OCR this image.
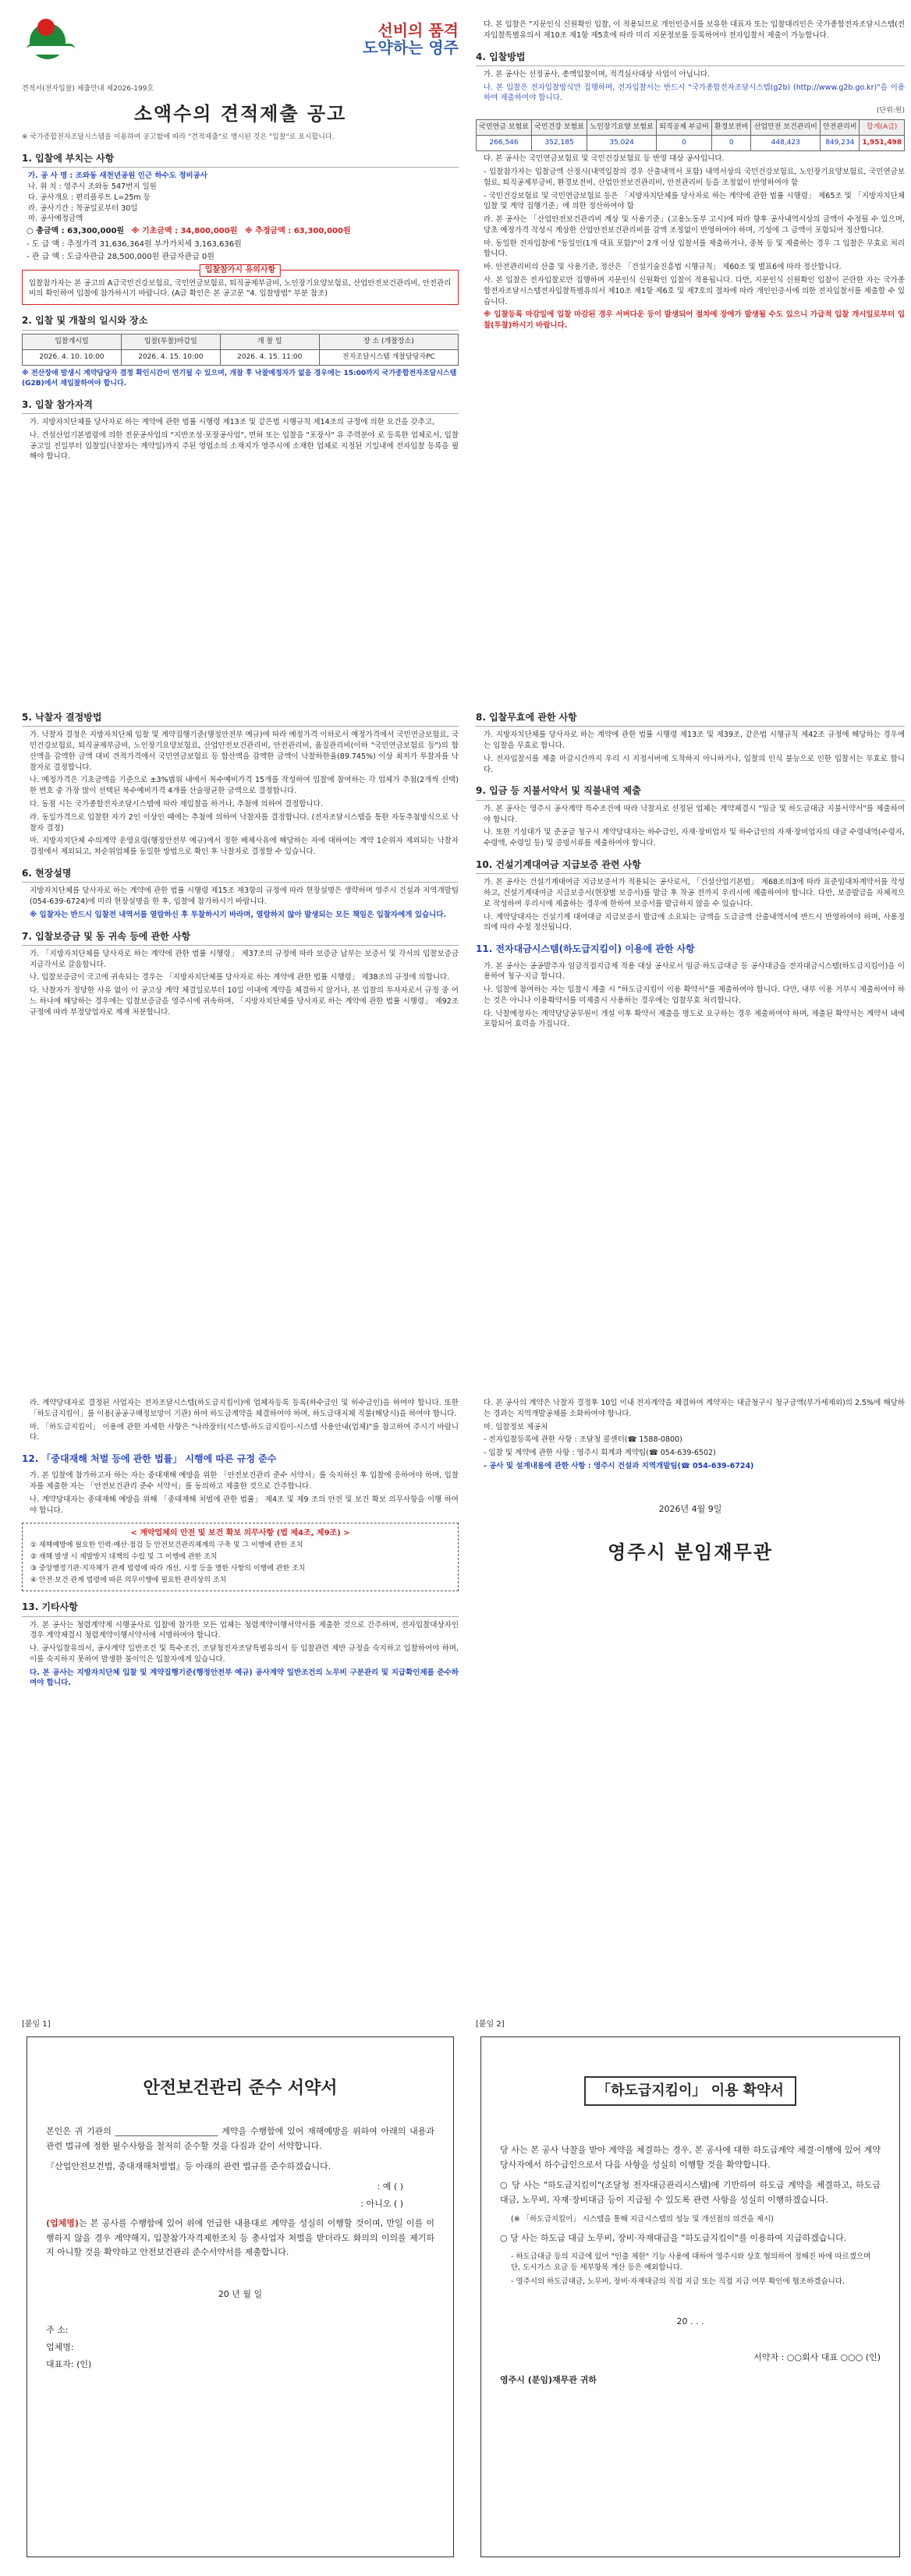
선비의 품격
도약하는 영주
견적서(전자입찰) 제출안내 제2026-199호
소액수의 견적제출 공고
※ 국가종합전자조달시스템을 이용하여 공고함에 따라 "견적제출"로 명시된 것은 "입찰"로 표시합니다.
1. 입찰에 부치는 사항
가. 공 사 명 : 조와동 새천년공원 인근 하수도 정비공사
나. 위 치 : 영주시 조와동 547번지 일원
다. 공사개요 : 편리플루트 L=25m 등
라. 공사기간 : 착공일로부터 30일
마. 공사예정금액
○ 총금액 : 63,300,000원 ※ 기초금액 : 34,800,000원 ※ 추정금액 : 63,300,000원
- 도 급 액 : 추정가격 31,636,364원 부가가치세 3,163,636원
- 관 급 액 : 도급자관급 28,500,000원 관급자관급 0원
입찰참가시 유의사항
입찰참가자는 본 공고의 A급국민건강보험료, 국민연금보험료, 퇴직공제부금비, 노인장기요양보험료, 산업안전보건관리비, 안전관리비의 확인하여 입찰에 참가하시기 바랍니다. (A급 확인은 본 공고문 "4. 입찰방법" 부분 참조)
2. 입찰 및 개찰의 일시와 장소
입찰개시일	입찰(투찰)마감일	개 찰 일	장 소 (개찰장소)
2026. 4. 10. 10:00	2026. 4. 15. 10:00	2026. 4. 15. 11:00	전자조달시스템 개찰담당자PC
※ 전산장애 발생시 계약담당자 결정 확인시간이 연기될 수 있으며, 개찰 후 낙찰예정자가 없을 경우에는 15:00까지 국가종합전자조달시스템(G2B)에서 재입찰하여야 합니다.
3. 입찰 참가자격
가. 지방자치단체를 당사자로 하는 계약에 관한 법률 시행령 제13조 및 같은법 시행규칙 제14조의 규정에 의한 요건을 갖추고,
나. 건설산업기본법령에 의한 전문공사업의 "지반조성·포장공사업", 면허 또는 입찰을 "포장사" 유 주력분야 로 등록한 업체로서, 입찰공고일 전일부터 입찰일(낙찰자는 계약일)까지 주된 영업소의 소재지가 영주시에 소재한 업체로 지정된 기일내에 전자입찰 등록을 필해야 합니다.
다. 본 입찰은 "지문인식 신원확인 입찰, 이 적용되므로 개인인증서를 보유한 대표자 또는 입찰대리인은 국가종합전자조달시스템(전자입찰특별유의서 제10조 제1항 제5호에 따라 미리 지문정보를 등록하여야 전자입찰서 제출이 가능합니다.
4. 입찰방법
가. 본 공사는 선정공사, 총액입찰이며, 적격심사대상 사업이 아닙니다.
나. 본 입찰은 전자입찰방식만 집행하며, 전자입찰서는 반드시 "국가종합전자조달시스템(g2b) (http://www.g2b.go.kr)"을 이용하여 제출하여야 합니다.
(단위:원)
국민연금 보험료	국민건강 보험료	노인장기요양 보험료	퇴직공제 부금비	환경보전비	산업안전 보건관리비	안전관리비	합계(A급)
266,546	352,185	35,024	0	0	448,423	849,234	1,951,498
다. 본 공사는 국민연금보험료 및 국민건강보험료 등 반영 대상 공사입니다.
- 입찰참가자는 입찰금액 산정시(내역입찰의 경우 산출내역서 포함) 내역서상의 국민건강보험료, 노인장기요양보험료, 국민연금보험료, 퇴직공제부금비, 환경보전비, 산업안전보건관리비, 안전관리비 등을 조정없이 반영하여야 함
- 국민건강보험료 및 국민연금보험료 등은 「지방자치단체를 당사자로 하는 계약에 관한 법률 시행령」 제65조 및 「지방자치단체 입찰 및 계약 집행기준」에 의한 정산하여야 함
라. 본 공사는 「산업안전보건관리비 계상 및 사용기준」(고용노동부 고시)에 따라 향후 공사내역서상의 금액이 수정될 수 있으며, 당초 예정가격 작성시 계상한 산업안전보건관리비를 감액 조정없이 반영하여야 하며, 기성에 그 금액이 포함되어 정산합니다.
마. 동일한 전자입찰에 "동일인(1개 대표 포함)"이 2개 이상 입찰서를 제출하거나, 중복 등 및 제출하는 경우 그 입찰은 무효로 처리합니다.
바. 안전관리비의 산출 및 사용기준, 정산은 「건설기술진흥법 시행규칙」 제60조 및 별표6에 따라 정산합니다.
사. 본 입찰은 전자입찰로만 집행하며 지문인식 신원확인 입찰이 적용됩니다. 다만, 지문인식 신원확인 입찰이 곤란한 자는 국가종합전자조달시스템전자입찰특별유의서 제10조 제1항 제6호 및 제7호의 절차에 따라 개인인증서에 의한 전자입찰서를 제출할 수 있습니다.
※ 입찰등록 마감일에 입찰 마감된 경우 서버다운 등이 발생되어 절차에 장애가 발생될 수도 있으니 가급적 입찰 개시일로부터 입찰(투찰)하시기 바랍니다.
5. 낙찰자 결정방법
가. 낙찰자 결정은 지방자치단체 입찰 및 계약집행기준(행정안전부 예규)에 따라 예정가격 이하로서 예정가격에서 국민연금보험료, 국민건강보험료, 퇴직공제부금비, 노인장기요양보험료, 산업안전보건관리비, 안전관리비, 품질관리비(이하 "국민연금보험료 등")의 합산액을 감액한 금액 대비 견적가격에서 국민연금보험료 등 합산액을 감액한 금액이 낙찰하한율(89.745%) 이상 최저가 투찰자를 낙찰자로 결정합니다.
나. 예정가격은 기초금액을 기준으로 ±3%범위 내에서 복수예비가격 15개를 작성하여 입찰에 참여하는 각 업체가 추첨(2개씩 선택)한 번호 중 가장 많이 선택된 복수예비가격 4개를 산술평균한 금액으로 결정합니다.
다. 동점 시는 국가종합전자조달시스템에 따라 제입찰을 하거나, 추첨에 의하여 결정합니다.
라. 동일가격으로 입찰한 자가 2인 이상인 때에는 추첨에 의하여 낙찰자를 결정합니다. (전자조달시스템을 통한 자동추첨방식으로 낙찰자 결정)
마. 지방자치단체 수의계약 운영요령(행정안전부 예규)에서 정한 배제사유에 해당하는 자에 대하여는 계약 1순위자 제외되는 낙찰자 결정에서 제외되고, 차순위업체를 동일한 방법으로 확인 후 낙찰자로 결정할 수 있습니다.
6. 현장설명
지방자치단체를 당사자로 하는 계약에 관한 법률 시행령 제15조 제3항의 규정에 따라 현장설명은 생략하며 영주시 건설과 지역개발팀(054-639-6724)에 미리 현장설명을 한 후, 입찰에 참가하시기 바랍니다.
※ 입찰자는 반드시 입찰전 내역서를 열람하신 후 투찰하시기 바라며, 열람하지 않아 발생되는 모든 책임은 입찰자에게 있습니다.
7. 입찰보증금 및 동 귀속 등에 관한 사항
가. 「지방자치단체를 당사자로 하는 계약에 관한 법률 시행령」 제37조의 규정에 따라 보증금 납부는 보증서 및 각서의 입찰보증금 지급각서로 갈음합니다.
나. 입찰보증금이 국고에 귀속되는 경우는 「지방자치단체를 당사자로 하는 계약에 관한 법률 시행령」 제38조의 규정에 의합니다.
다. 낙찰자가 정당한 사유 없이 이 공고상 계약 체결일로부터 10일 이내에 계약을 체결하지 않거나, 본 입찰의 투자자로서 규정 중 어느 하나에 해당하는 경우에는 입찰보증금을 영주시에 귀속하며, 「지방자치단체를 당사자로 하는 계약에 관한 법률 시행령」 제92조 규정에 따라 부정당업자로 제재 처분합니다.
8. 입찰무효에 관한 사항
가. 지방자치단체를 당사자로 하는 계약에 관한 법률 시행령 제13조 및 제39조, 같은법 시행규칙 제42조 규정에 해당하는 경우에는 입찰을 무효로 합니다.
나. 전자입찰서를 제출 마감시간까지 우리 시 지정서버에 도착하지 아니하거나, 입찰의 인식 불능으로 인한 입찰서는 무효로 합니다.
9. 입금 등 지불서약서 및 직불내역 제출
가. 본 공사는 영주시 공사계약 특수조건에 따라 낙찰자로 선정된 업체는 계약체결시 "임금 및 하도급대금 지불서약서"를 제출하여야 합니다.
나. 또한 기성대가 및 준공금 청구시 계약당대자는 하수급인, 자재·장비업자 및 하수급인의 자재·장비업자의 대금 수령내역(수령자, 수령액, 수령일 등) 및 증빙서류를 제출하여야 합니다.
10. 건설기계대여금 지급보증 관련 사항
가. 본 공사는 건설기계대여금 지급보증서가 적용되는 공사로서, 「건설산업기본법」 제68조의3에 따라 표준임대차계약서를 작성하고, 건설기계대여금 지급보증서(현장별 보증서)를 발급 후 착공 전까지 우리시에 제출하여야 합니다. 다만, 보증발급을 자체적으로 작성하여 우리시에 제출하는 경우에 한하여 보증서를 발급하지 않을 수 있습니다.
나. 계약당대자는 건설기계 대여대금 지급보증서 발급에 소요되는 금액을 도급금액 산출내역서에 반드시 반영하여야 하며, 사용정의에 따라 수정 정산됩니다.
11. 전자대금시스템(하도급지킴이) 이용에 관한 사항
가. 본 공사는 공공발주자 임금직접지급제 적용 대상 공사로서 임금·하도급대금 등 공사대금을 전자대금시스템(하도급지킴이)을 이용하여 청구·지급 합니다.
나. 입찰에 참여하는 자는 입찰시 제출 시 "하도급지킴이 이용 확약서"를 제출하여야 합니다. 다만, 내부 이용 거부시 제출하여야 하는 것은 아니나 이용확약서를 미제출시 사용하는 경우에는 입찰무효 처리합니다.
다. 낙찰예정자는 계약당당공무원이 개설 이후 확약서 제출을 명도로 요구하는 경우 제출하여야 하며, 제출된 확약서는 계약서 내에 포함되어 효력을 가집니다.
라. 계약당대자로 결정된 사업자는 전자조달시스템(하도급지킴이)에 업체자등록 등록(하수급인 및 하수급인)을 하여야 합니다. 또한 「하도급지킴이」를 이용(공공구매정보망이 기관) 하여 하도급계약을 체결하여야 하며, 하도급대지체 직불(해당시)을 하여야 합니다.
마. 「하도급지킴이」 이용에 관한 자세한 사항은 "나라장터(시스템-하도급지킴이-시스템 사용안내(업체)"를 참고하여 주시기 바랍니다.
12. 「중대재해 처벌 등에 관한 법률」 시행에 따른 규정 준수
가. 본 입찰에 참가하고자 하는 자는 중대재해 예방을 위한 「안전보건관리 준수 서약서」를 숙지하신 후 입찰에 응하여야 하며, 입찰자를 제출한 자는 「안전보건관리 준수 서약서」를 동의하고 제출한 것으로 간주합니다.
나. 계약당대자는 중대재해 예방을 위해 「중대재해 처벌에 관한 법률」 제4조 및 제9 조의 안전 및 보건 확보 의무사항을 이행 하여야 합니다.
< 계약업체의 안전 및 보건 확보 의무사항 (법 제4조, 제9조) >
① 재해예방에 필요한 인력·예산·점검 등 안전보건관리체계의 구축 및 그 이행에 관한 조치
② 재해 발생 시 재발방지 대책의 수립 및 그 이행에 관한 조치
③ 중앙행정기관·지자체가 관계 법령에 따라 개선, 시정 등을 명한 사항의 이행에 관한 조치
④ 안전·보건 관계 법령에 따른 의무이행에 필요한 관리상의 조치
13. 기타사항
가. 본 공사는 청렴계약제 시행공사로 입찰에 참가한 모든 업체는 청렴계약이행서약서를 제출한 것으로 간주하며, 전자입찰대상자인 경우 계약체결시 청렴계약이행서약서에 서명하여야 합니다.
나. 공사입찰유의서, 공사계약 일반조건 및 특수조건, 조달청전자조달특별유의서 등 입찰관련 제반 규정을 숙지하고 입찰하여야 하며, 이를 숙지하지 못하여 발생한 불이익은 입찰자에게 있습니다.
다. 본 공사는 지방자치단체 입찰 및 계약집행기준(행정안전부 예규) 공사계약 일반조건의 노무비 구분관리 및 지급확인제를 준수하여야 합니다.
다. 본 공사의 계약은 낙찰자 결정후 10일 이내 전자계약을 체결하여 계약자는 대금청구시 청구금액(부가세제외)의 2.5%에 해당하는 경과는 지역개발공채를 소화하여야 합니다.
마. 입찰정보 제공처
- 전자입찰등록에 관한 사항 : 조달청 콜센터(☎ 1588-0800)
- 입찰 및 계약에 관한 사항 : 영주시 회계과 계약팀(☎ 054-639-6502)
- 공사 및 설계내용에 관한 사항 : 영주시 건설과 지역개발팀(☎ 054-639-6724)
2026년 4월 9일
영주시 분임재무관
[붙임 1]
안전보건관리 준수 서약서
본인은 귀 기관의 ________________________ 계약을 수행함에 있어 재해예방을 위하여 아래의 내용과 관련 법규에 정한 필수사항을 철저히 준수할 것을 다짐과 같이 서약합니다.
『산업안전보건법, 중대재해처벌법』등 아래의 관련 법규를 준수하겠습니다.
: 예 ( )
: 아니오 ( )
(업체명)는 본 공사를 수행함에 있어 위에 언급한 내용대로 계약을 성실히 이행할 것이며, 만일 이를 이행하지 않을 경우 계약해지, 입찰참가자격제한조치 등 총사업자 처벌을 받더라도 화의의 이의를 제기하지 아니할 것을 확약하고 안전보건관리 준수서약서를 제출합니다.
20 년 월 일
주 소:
업체명:
대표자: (인)
[붙임 2]
「하도급지킴이」 이용 확약서
당 사는 본 공사 낙찰을 받아 계약을 체결하는 경우, 본 공사에 대한 하도급계약 체결·이행에 있어 계약당사자에서 하수급인으로서 다음 사항을 성실히 이행할 것을 확약합니다.
○ 당 사는 "하도급지킴이"(조달청 전자대금관리시스템)에 기반하여 하도급 계약을 체결하고, 하도급대금, 노무비, 자재·장비대금 등이 지급될 수 있도록 관련 사항을 성실히 이행하겠습니다.
(※ 「하도급지킴이」 시스템을 통해 지급시스템의 성능 및 개선점의 의견을 제시)
○ 당 사는 하도급 대금 노무비, 장비·자재대금을 "하도급지킴이"를 이용하여 지급하겠습니다.
- 하도급대금 등의 지급에 있어 "인출 제한" 기능 사용에 대하여 영주시와 상호 협의하여 정해진 바에 따르겠으며 단, 도시가스 요금 등 세부항목 계산 등은 예외합니다.
- 영주시의 하도급대금, 노무비, 장비·자재대금의 직접 지급 또는 직접 지급 여부 확인에 협조하겠습니다.
20 . . .
서약자 : ○○회사 대표 ○○○ (인)
영주시 (분임)재무관 귀하
